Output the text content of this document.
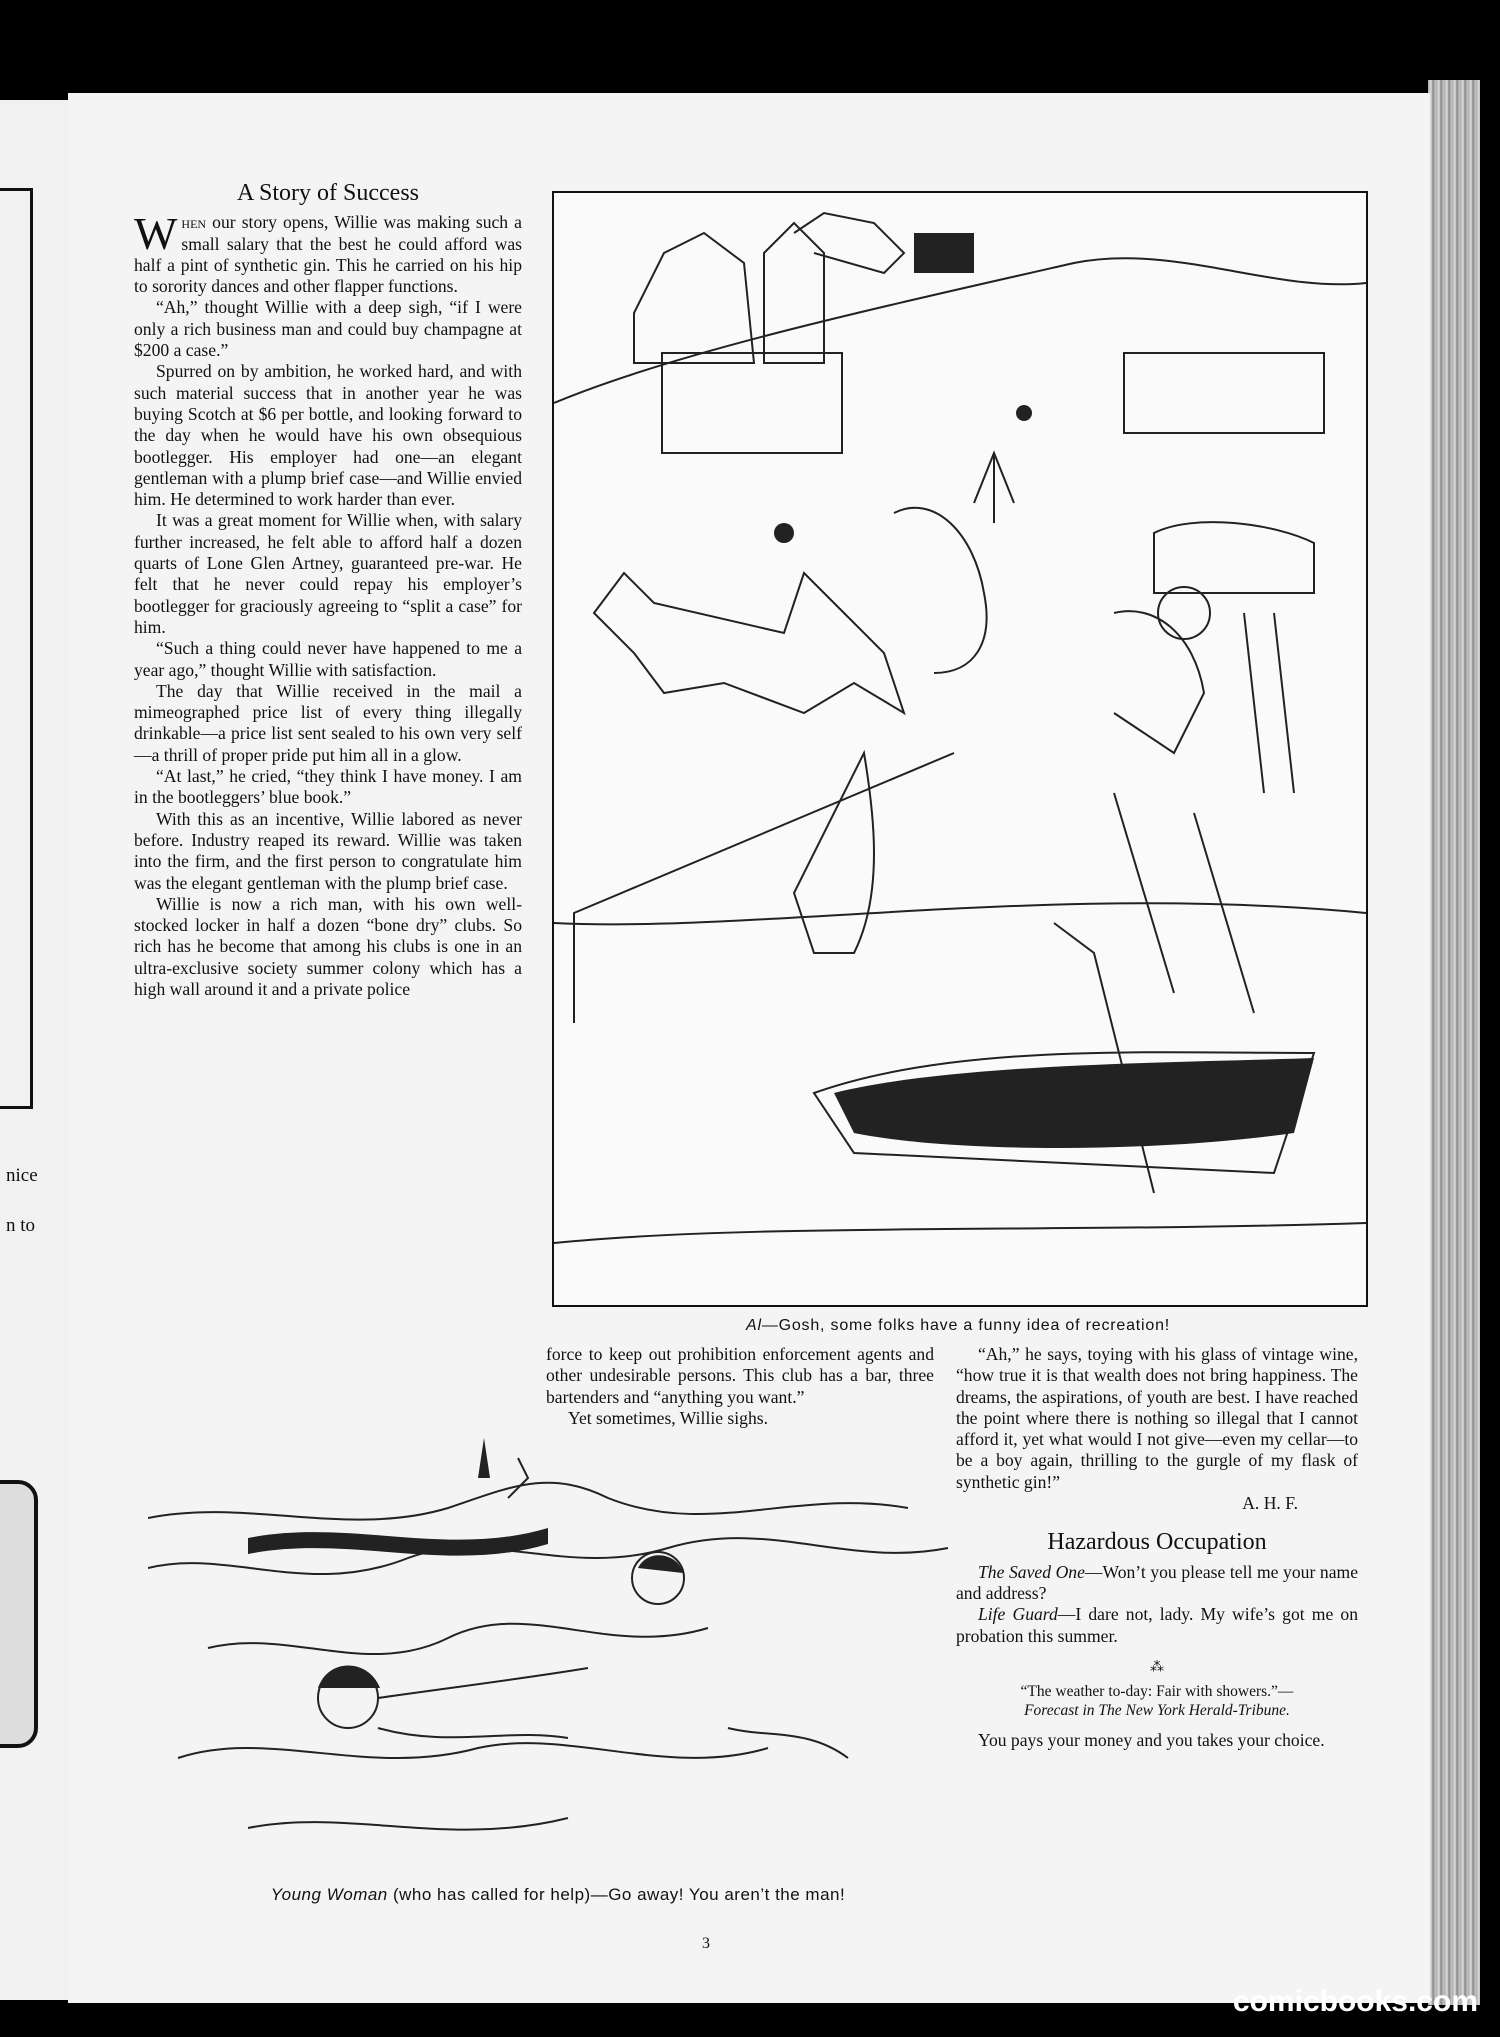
nice
n to
A Story of Success

When our story opens, Willie was making such a small salary that the best he could afford was half a pint of synthetic gin. This he carried on his hip to sorority dances and other flapper functions.

“Ah,” thought Willie with a deep sigh, “if I were only a rich business man and could buy champagne at $200 a case.”

Spurred on by ambition, he worked hard, and with such material success that in another year he was buying Scotch at $6 per bottle, and looking forward to the day when he would have his own obsequious bootlegger. His employer had one—an elegant gentleman with a plump brief case—and Willie envied him. He determined to work harder than ever.

It was a great moment for Willie when, with salary further increased, he felt able to afford half a dozen quarts of Lone Glen Artney, guaranteed pre-war. He felt that he never could repay his employer’s bootlegger for graciously agreeing to “split a case” for him.

“Such a thing could never have happened to me a year ago,” thought Willie with satisfaction.

The day that Willie received in the mail a mimeographed price list of every thing illegally drinkable—a price list sent sealed to his own very self—a thrill of proper pride put him all in a glow.

“At last,” he cried, “they think I have money. I am in the bootleggers’ blue book.”

With this as an incentive, Willie labored as never before. Industry reaped its reward. Willie was taken into the firm, and the first person to congratulate him was the elegant gentleman with the plump brief case.

Willie is now a rich man, with his own well-stocked locker in half a dozen “bone dry” clubs. So rich has he become that among his clubs is one in an ultra-exclusive society summer colony which has a high wall around it and a private police

Al—Gosh, some folks have a funny idea of recreation!

force to keep out prohibition enforcement agents and other undesirable persons. This club has a bar, three bartenders and “anything you want.”

Yet sometimes, Willie sighs.

“Ah,” he says, toying with his glass of vintage wine, “how true it is that wealth does not bring happiness. The dreams, the aspirations, of youth are best. I have reached the point where there is nothing so illegal that I cannot afford it, yet what would I not give—even my cellar—to be a boy again, thrilling to the gurgle of my flask of synthetic gin!”

A. H. F.

Hazardous Occupation

The Saved One—Won’t you please tell me your name and address?

Life Guard—I dare not, lady. My wife’s got me on probation this summer.

⁂
“The weather to-day: Fair with showers.”—
Forecast in The New York Herald-Tribune.

You pays your money and you takes your choice.

Young Woman (who has called for help)—Go away! You aren’t the man!
3
comicbooks.com
